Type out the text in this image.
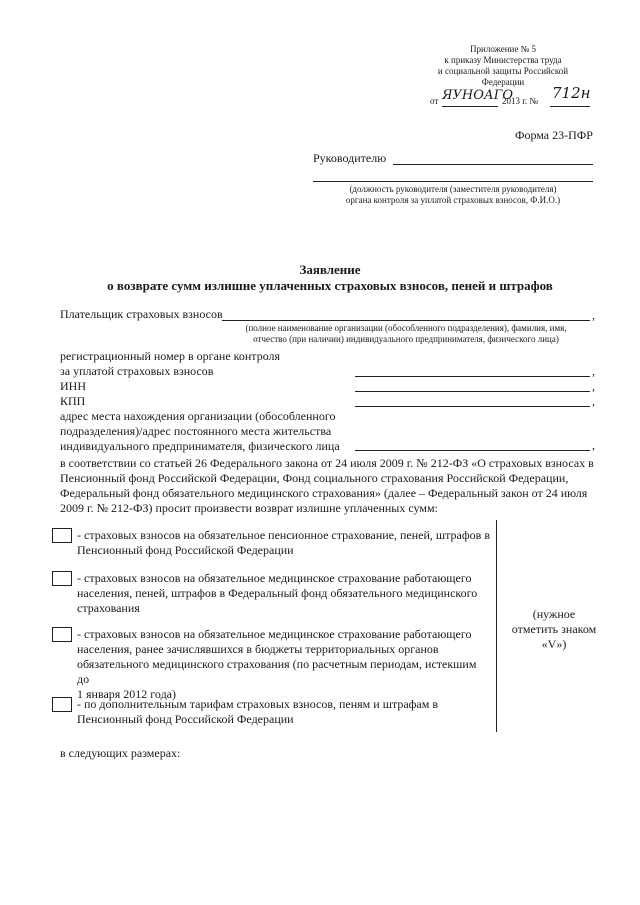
Приложение № 5
к приказу Министерства труда
и социальной защиты Российской
Федерации
от ЯУНОАГО
2013 г. № 712н
Форма 23-ПФР
Руководителю
(должность руководителя (заместителя руководителя)
органа контроля за уплатой страховых взносов, Ф.И.О.)
Заявление
о возврате сумм излишне уплаченных страховых взносов, пеней и штрафов
Плательщик страховых взносов	,
(полное наименование организации (обособленного подразделения), фамилия, имя,
отчество (при наличии) индивидуального предпринимателя, физического лица)
регистрационный номер в органе контроля
за уплатой страховых взносов	,
ИНН	,
КПП	,
адрес места нахождения организации (обособленного
подразделения)/адрес постоянного места жительства
индивидуального предпринимателя, физического лица	,
в соответствии со статьей 26 Федерального закона от 24 июля 2009 г. № 212-ФЗ «О страховых взносах в
Пенсионный фонд Российской Федерации, Фонд социального страхования Российской Федерации,
Федеральный фонд обязательного медицинского страхования» (далее – Федеральный закон от 24 июля
2009 г. № 212-ФЗ) просит произвести возврат излишне уплаченных сумм:
- страховых взносов на обязательное пенсионное страхование, пеней, штрафов в
Пенсионный фонд Российской Федерации
- страховых взносов на обязательное медицинское страхование работающего
населения, пеней, штрафов в Федеральный фонд обязательного медицинского
страхования	(нужное
отметить знаком
«V»)
- страховых взносов на обязательное медицинское страхование работающего
населения, ранее зачислявшихся в бюджеты территориальных органов
обязательного медицинского страхования (по расчетным периодам, истекшим до
1 января 2012 года)
- по дополнительным тарифам страховых взносов, пеням и штрафам в
Пенсионный фонд Российской Федерации
в следующих размерах:
